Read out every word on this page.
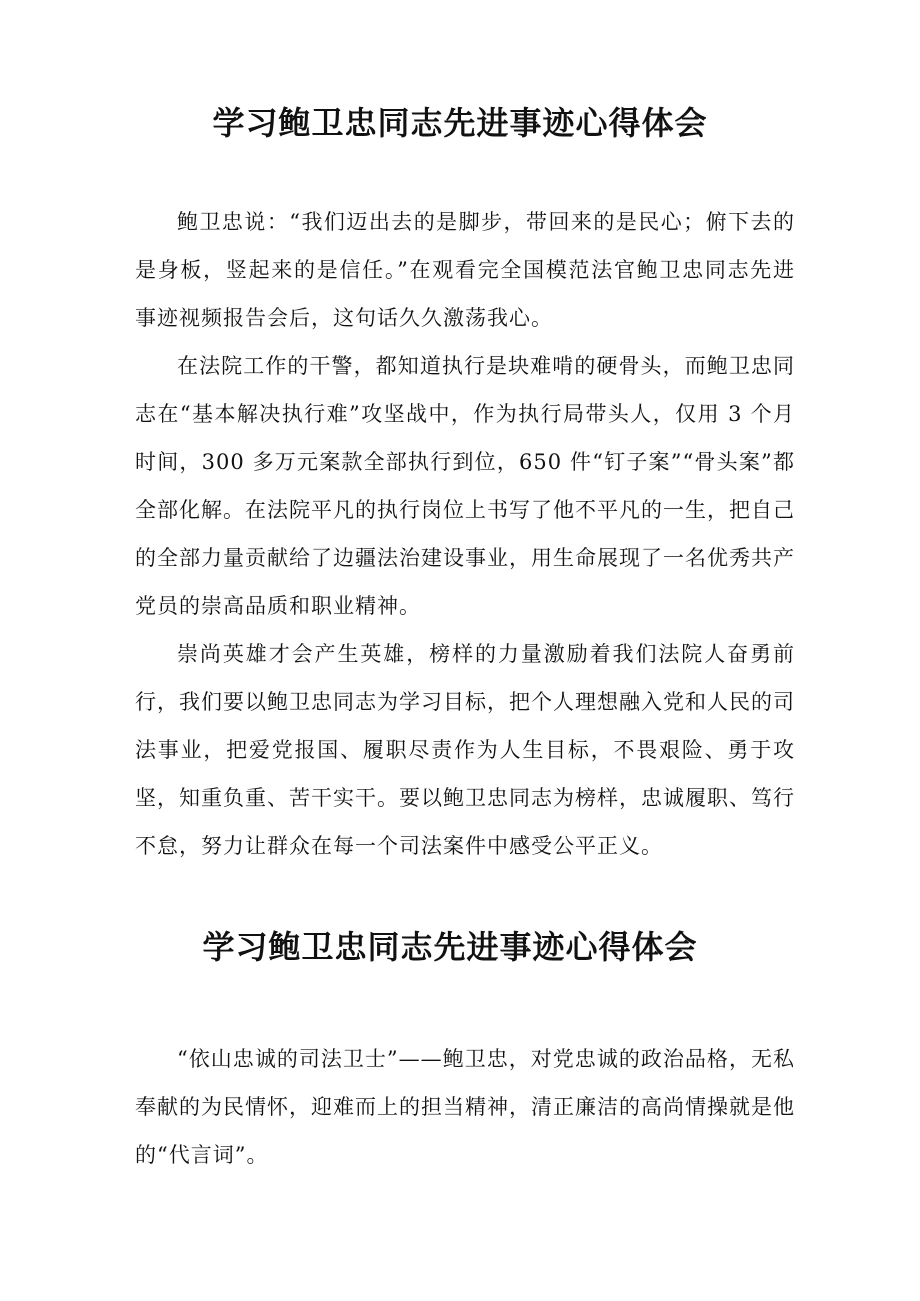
学习鲍卫忠同志先进事迹心得体会

鲍卫忠说：“我们迈出去的是脚步，带回来的是民心；俯下去的是身板，竖起来的是信任。”在观看完全国模范法官鲍卫忠同志先进事迹视频报告会后，这句话久久激荡我心。

在法院工作的干警，都知道执行是块难啃的硬骨头，而鲍卫忠同志在“基本解决执行难”攻坚战中，作为执行局带头人，仅用 3 个月时间，300 多万元案款全部执行到位，650 件“钉子案”“骨头案”都全部化解。在法院平凡的执行岗位上书写了他不平凡的一生，把自己的全部力量贡献给了边疆法治建设事业，用生命展现了一名优秀共产党员的崇高品质和职业精神。

崇尚英雄才会产生英雄，榜样的力量激励着我们法院人奋勇前行，我们要以鲍卫忠同志为学习目标，把个人理想融入党和人民的司法事业，把爱党报国、履职尽责作为人生目标，不畏艰险、勇于攻坚，知重负重、苦干实干。要以鲍卫忠同志为榜样，忠诚履职、笃行不怠，努力让群众在每一个司法案件中感受公平正义。

学习鲍卫忠同志先进事迹心得体会

“依山忠诚的司法卫士”——鲍卫忠，对党忠诚的政治品格，无私奉献的为民情怀，迎难而上的担当精神，清正廉洁的高尚情操就是他的“代言词”。
